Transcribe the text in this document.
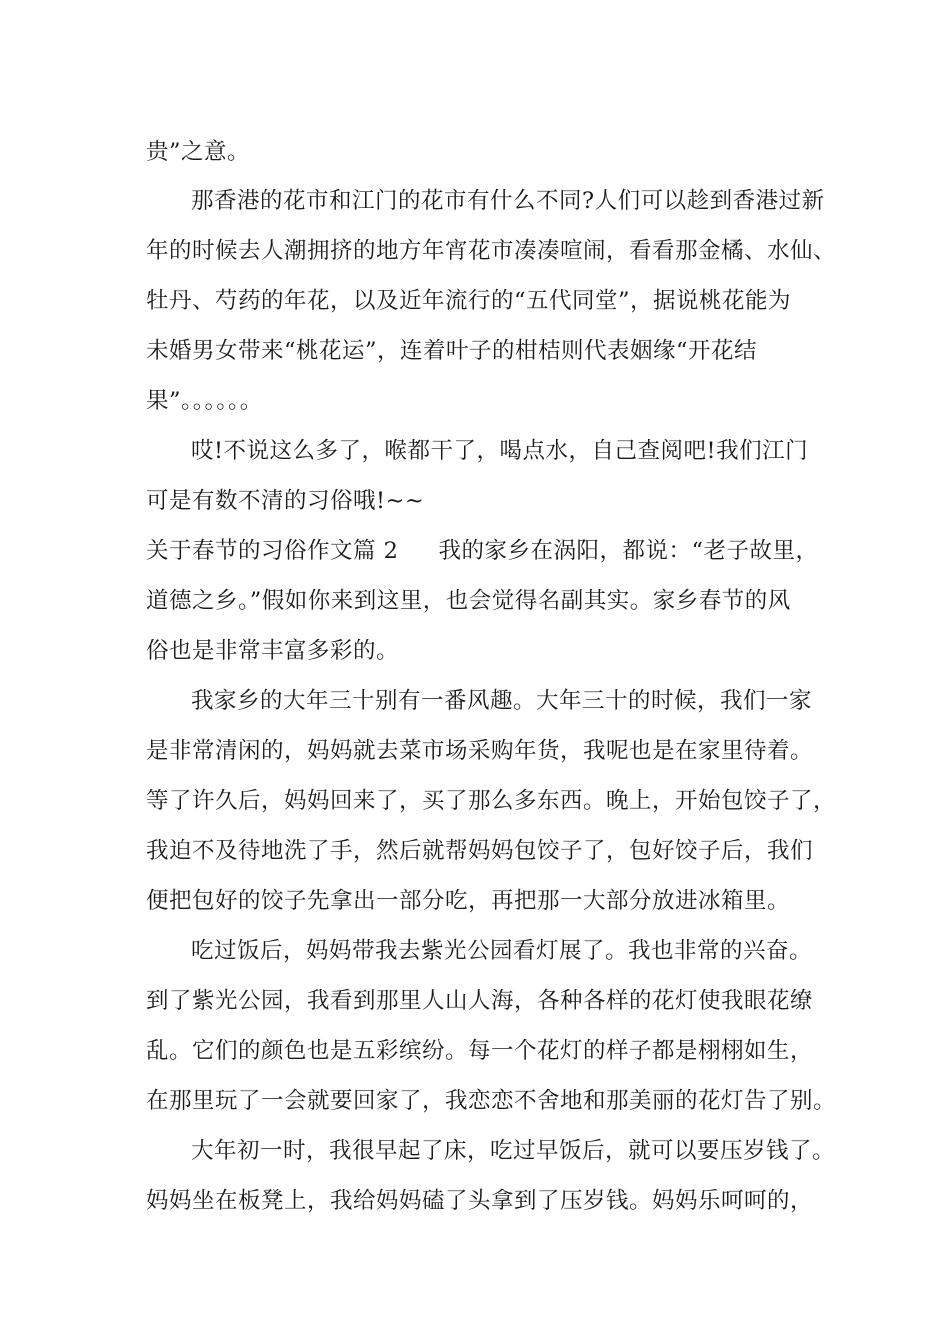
贵”之意。
那香港的花市和江门的花市有什么不同?人们可以趁到香港过新
年的时候去人潮拥挤的地方年宵花市凑凑喧闹，看看那金橘、水仙、
牡丹、芍药的年花，以及近年流行的“五代同堂”，据说桃花能为
未婚男女带来“桃花运”，连着叶子的柑桔则代表姻缘“开花结
果”。。。。。。
哎!不说这么多了，喉都干了，喝点水，自己查阅吧!我们江门
可是有数不清的习俗哦!~~
关于春节的习俗作文篇 2 我的家乡在涡阳，都说：“老子故里，
道德之乡。”假如你来到这里，也会觉得名副其实。家乡春节的风
俗也是非常丰富多彩的。
我家乡的大年三十别有一番风趣。大年三十的时候，我们一家
是非常清闲的，妈妈就去菜市场采购年货，我呢也是在家里待着。
等了许久后，妈妈回来了，买了那么多东西。晚上，开始包饺子了，
我迫不及待地洗了手，然后就帮妈妈包饺子了，包好饺子后，我们
便把包好的饺子先拿出一部分吃，再把那一大部分放进冰箱里。
吃过饭后，妈妈带我去紫光公园看灯展了。我也非常的兴奋。
到了紫光公园，我看到那里人山人海，各种各样的花灯使我眼花缭
乱。它们的颜色也是五彩缤纷。每一个花灯的样子都是栩栩如生，
在那里玩了一会就要回家了，我恋恋不舍地和那美丽的花灯告了别。
大年初一时，我很早起了床，吃过早饭后，就可以要压岁钱了。
妈妈坐在板凳上，我给妈妈磕了头拿到了压岁钱。妈妈乐呵呵的，
